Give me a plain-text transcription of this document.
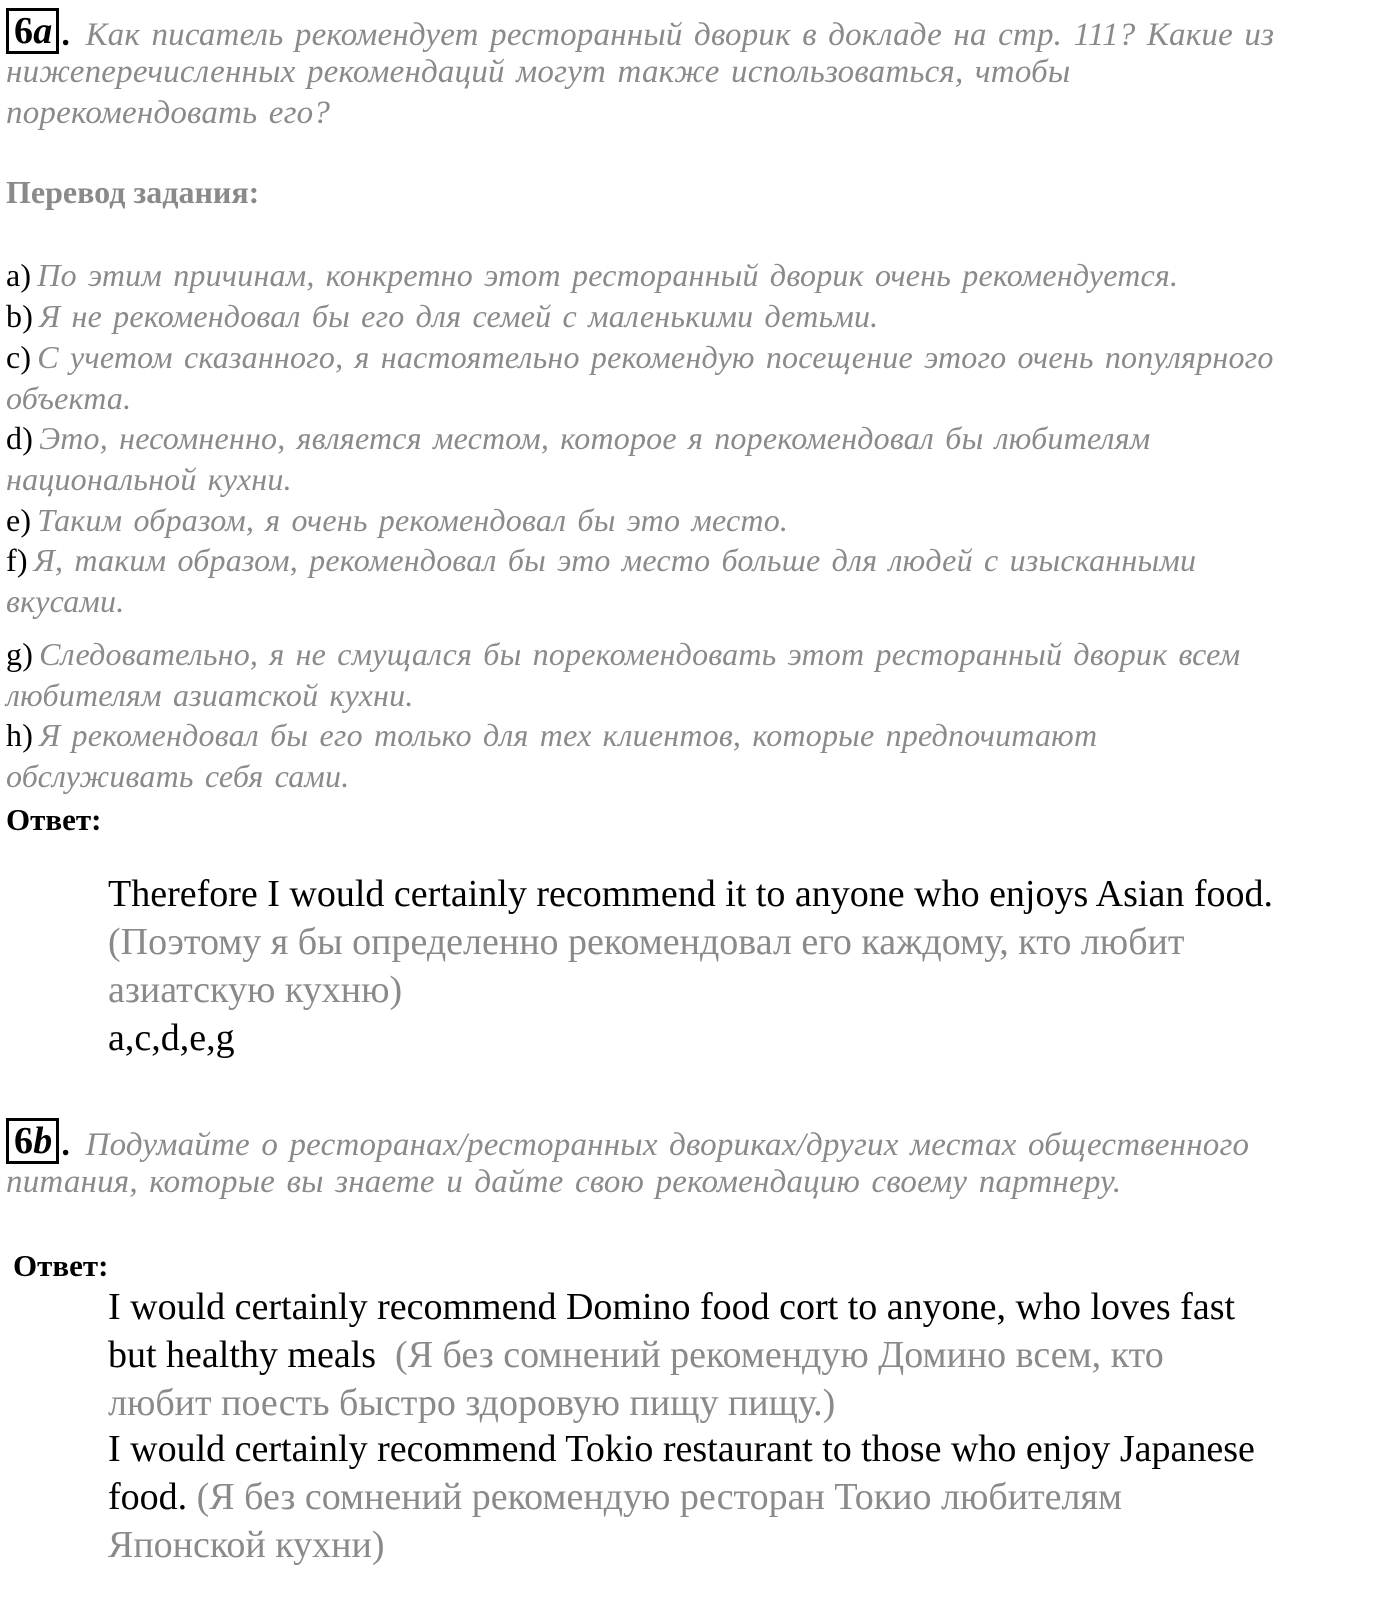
6a . Как писатель рекомендует ресторанный дворик в докладе на стр. 111? Какие из
нижеперечисленных рекомендаций могут также использоваться, чтобы
порекомендовать его?
Перевод задания:
a) По этим причинам, конкретно этот ресторанный дворик очень рекомендуется.
b) Я не рекомендовал бы его для семей с маленькими детьми.
c) С учетом сказанного, я настоятельно рекомендую посещение этого очень популярного
объекта.
d) Это, несомненно, является местом, которое я порекомендовал бы любителям
национальной кухни.
e) Таким образом, я очень рекомендовал бы это место.
f) Я, таким образом, рекомендовал бы это место больше для людей с изысканными
вкусами.
g) Следовательно, я не смущался бы порекомендовать этот ресторанный дворик всем
любителям азиатской кухни.
h) Я рекомендовал бы его только для тех клиентов, которые предпочитают
обслуживать себя сами.
Ответ:
Therefore I would certainly recommend it to anyone who enjoys Asian food.
(Поэтому я бы определенно рекомендовал его каждому, кто любит
азиатскую кухню)
a,c,d,e,g
6b . Подумайте о ресторанах/ресторанных двориках/других местах общественного
питания, которые вы знаете и дайте свою рекомендацию своему партнеру.
Ответ:
I would certainly recommend Domino food cort to anyone, who loves fast
but healthy meals (Я без сомнений рекомендую Домино всем, кто
любит поесть быстро здоровую пищу пищу.)
I would certainly recommend Tokio restaurant to those who enjoy Japanese
food. (Я без сомнений рекомендую ресторан Токио любителям
Японской кухни)
